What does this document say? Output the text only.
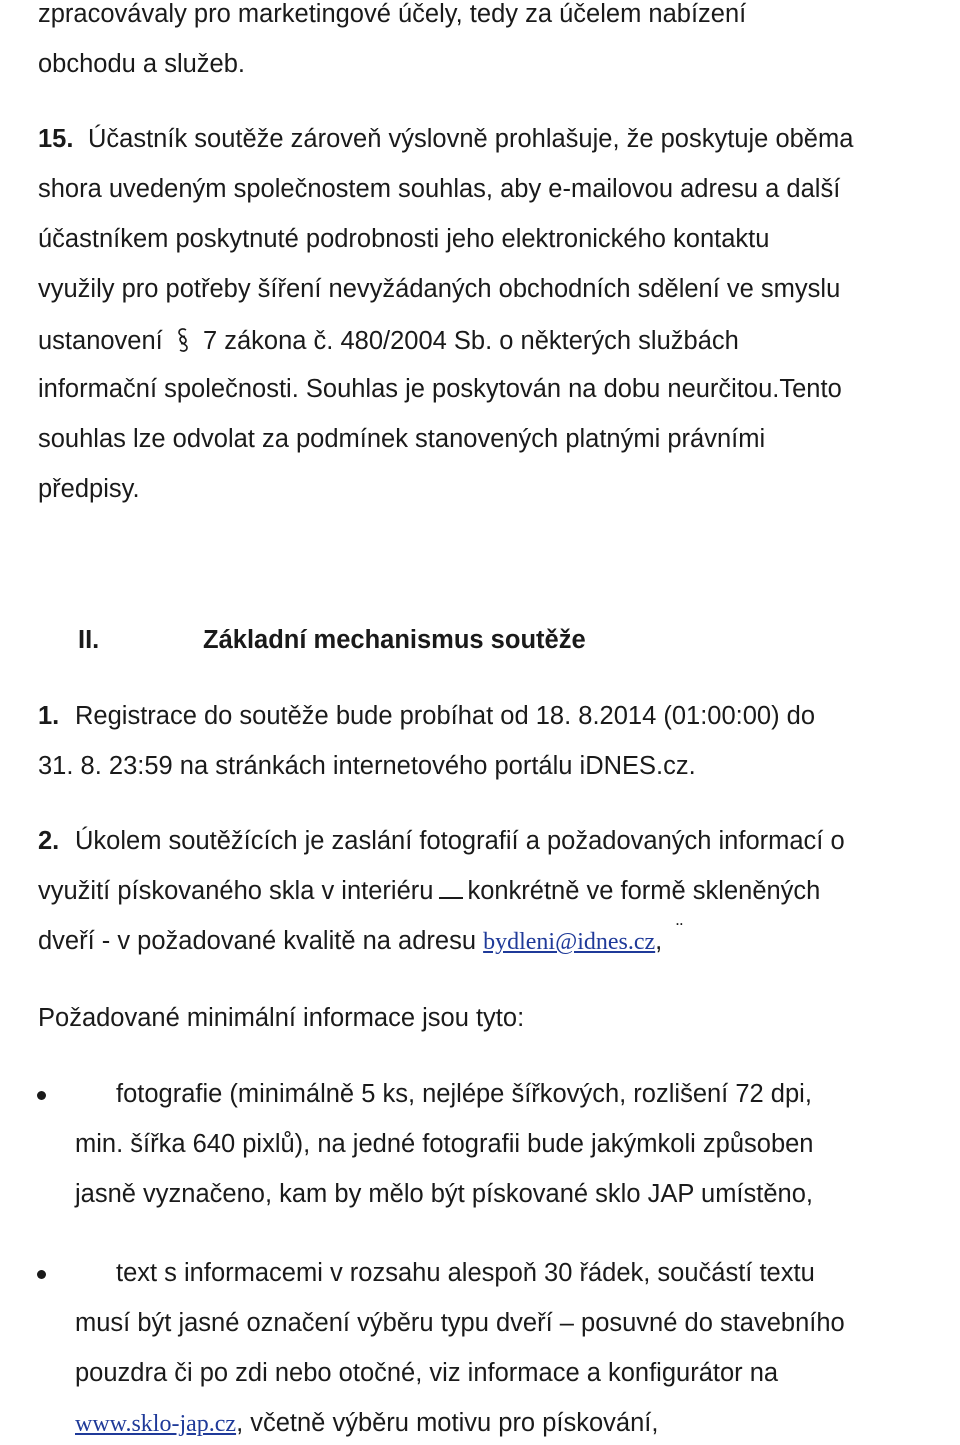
zpracovávaly pro marketingové účely, tedy za účelem nabízení
obchodu a služeb.
15. Účastník soutěže zároveň výslovně prohlašuje, že poskytuje oběma
shora uvedeným společnostem souhlas, aby e-mailovou adresu a další
účastníkem poskytnuté podrobnosti jeho elektronického kontaktu
využily pro potřeby šíření nevyžádaných obchodních sdělení ve smyslu
ustanovení 7 zákona č. 480/2004 Sb. o některých službách
informační společnosti. Souhlas je poskytován na dobu neurčitou.Tento
souhlas lze odvolat za podmínek stanovených platnými právními
předpisy.
II.	Základní mechanismus soutěže
1. Registrace do soutěže bude probíhat od 18. 8.2014 (01:00:00) do
31. 8. 23:59 na stránkách internetového portálu iDNES.cz.
2. Úkolem soutěžících je zaslání fotografií a požadovaných informací o
využití pískovaného skla v interiéru konkrétně ve formě skleněných
dveří - v požadované kvalitě na adresu bydleni@idnes.cz, ¨
Požadované minimální informace jsou tyto:
fotografie (minimálně 5 ks, nejlépe šířkových, rozlišení 72 dpi,
min. šířka 640 pixlů), na jedné fotografii bude jakýmkoli způsoben
jasně vyznačeno, kam by mělo být pískované sklo JAP umístěno,
text s informacemi v rozsahu alespoň 30 řádek, součástí textu
musí být jasné označení výběru typu dveří – posuvné do stavebního
pouzdra či po zdi nebo otočné, viz informace a konfigurátor na
www.sklo-jap.cz, včetně výběru motivu pro pískování,
